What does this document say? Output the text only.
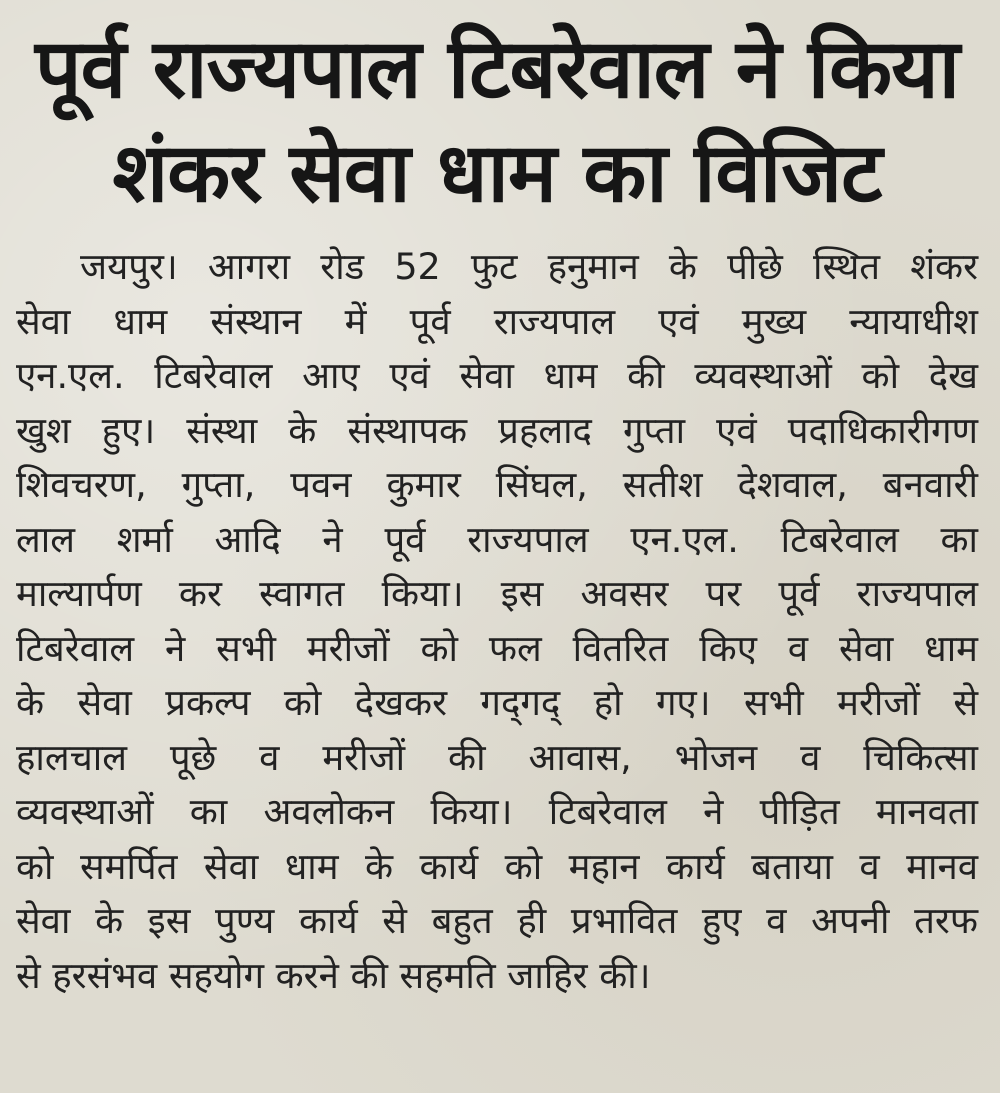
पूर्व राज्यपाल टिबरेवाल ने किया
शंकर सेवा धाम का विजिट

जयपुर। आगरा रोड 52 फुट हनुमान के पीछे स्थित शंकर
सेवा धाम संस्थान में पूर्व राज्यपाल एवं मुख्य न्यायाधीश
एन.एल. टिबरेवाल आए एवं सेवा धाम की व्यवस्थाओं को देख
खुश हुए। संस्था के संस्थापक प्रहलाद गुप्ता एवं पदाधिकारीगण
शिवचरण, गुप्ता, पवन कुमार सिंघल, सतीश देशवाल, बनवारी
लाल शर्मा आदि ने पूर्व राज्यपाल एन.एल. टिबरेवाल का
माल्यार्पण कर स्वागत किया। इस अवसर पर पूर्व राज्यपाल
टिबरेवाल ने सभी मरीजों को फल वितरित किए व सेवा धाम
के सेवा प्रकल्प को देखकर गद्‌गद्‌ हो गए। सभी मरीजों से
हालचाल पूछे व मरीजों की आवास, भोजन व चिकित्सा
व्यवस्थाओं का अवलोकन किया। टिबरेवाल ने पीड़ित मानवता
को समर्पित सेवा धाम के कार्य को महान कार्य बताया व मानव
सेवा के इस पुण्य कार्य से बहुत ही प्रभावित हुए व अपनी तरफ
से हरसंभव सहयोग करने की सहमति जाहिर की।
